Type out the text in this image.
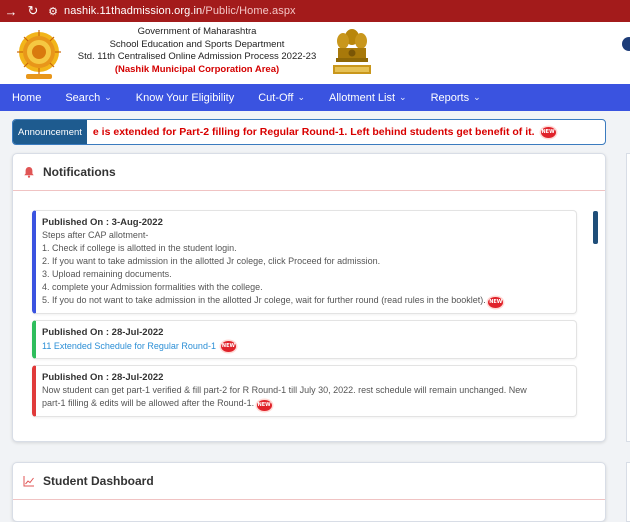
→ ↻ ⚙ nashik.11thadmission.org.in/Public/Home.aspx
Government of Maharashtra
School Education and Sports Department
Std. 11th Centralised Online Admission Process 2022-23
(Nashik Municipal Corporation Area)
Home Search ⌄ Know Your Eligibility Cut-Off ⌄ Allotment List ⌄ Reports ⌄
Announcement	e is extended for Part-2 filling for Regular Round-1. Left behind students get benefit of it. NEW
Notifications
Published On : 3-Aug-2022
Steps after CAP allotment-
1. Check if college is allotted in the student login.
2. If you want to take admission in the allotted Jr colege, click Proceed for admission.
3. Upload remaining documents.
4. complete your Admission formalities with the college.
5. If you do not want to take admission in the allotted Jr colege, wait for further round (read rules in the booklet). NEW
Published On : 28-Jul-2022
11 Extended Schedule for Regular Round-1 NEW
Published On : 28-Jul-2022
Now student can get part-1 verified & fill part-2 for R Round-1 till July 30, 2022. rest schedule will remain unchanged. New
part-1 filling & edits will be allowed after the Round-1. NEW
Student Dashboard
